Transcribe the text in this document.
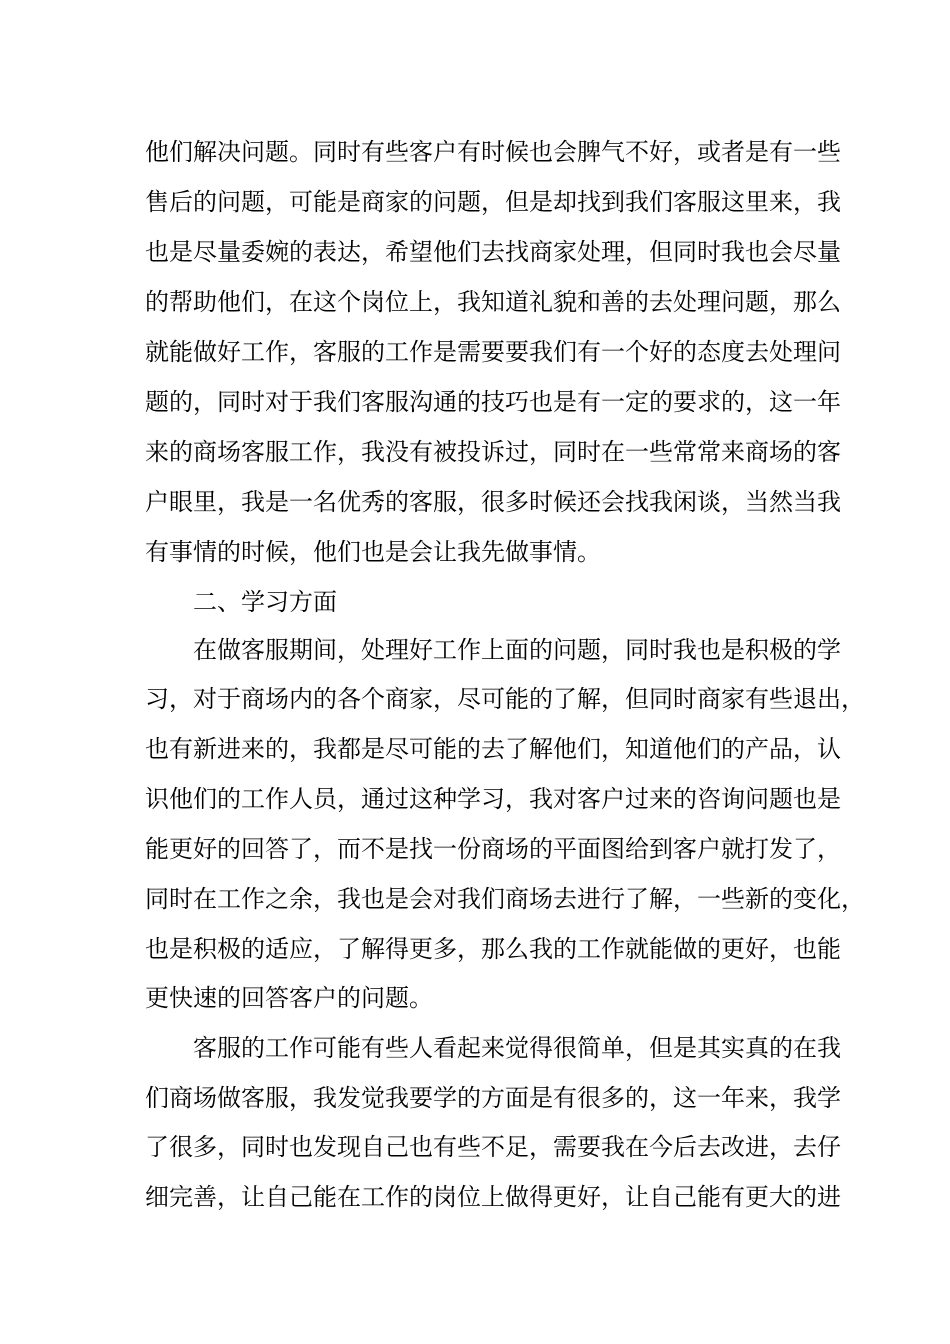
他们解决问题。同时有些客户有时候也会脾气不好，或者是有一些
售后的问题，可能是商家的问题，但是却找到我们客服这里来，我
也是尽量委婉的表达，希望他们去找商家处理，但同时我也会尽量
的帮助他们，在这个岗位上，我知道礼貌和善的去处理问题，那么
就能做好工作，客服的工作是需要要我们有一个好的态度去处理问
题的，同时对于我们客服沟通的技巧也是有一定的要求的，这一年
来的商场客服工作，我没有被投诉过，同时在一些常常来商场的客
户眼里，我是一名优秀的客服，很多时候还会找我闲谈，当然当我
有事情的时候，他们也是会让我先做事情。
二、学习方面
在做客服期间，处理好工作上面的问题，同时我也是积极的学
习，对于商场内的各个商家，尽可能的了解，但同时商家有些退出，
也有新进来的，我都是尽可能的去了解他们，知道他们的产品，认
识他们的工作人员，通过这种学习，我对客户过来的咨询问题也是
能更好的回答了，而不是找一份商场的平面图给到客户就打发了，
同时在工作之余，我也是会对我们商场去进行了解，一些新的变化，
也是积极的适应，了解得更多，那么我的工作就能做的更好，也能
更快速的回答客户的问题。
客服的工作可能有些人看起来觉得很简单，但是其实真的在我
们商场做客服，我发觉我要学的方面是有很多的，这一年来，我学
了很多，同时也发现自己也有些不足，需要我在今后去改进，去仔
细完善，让自己能在工作的岗位上做得更好，让自己能有更大的进
